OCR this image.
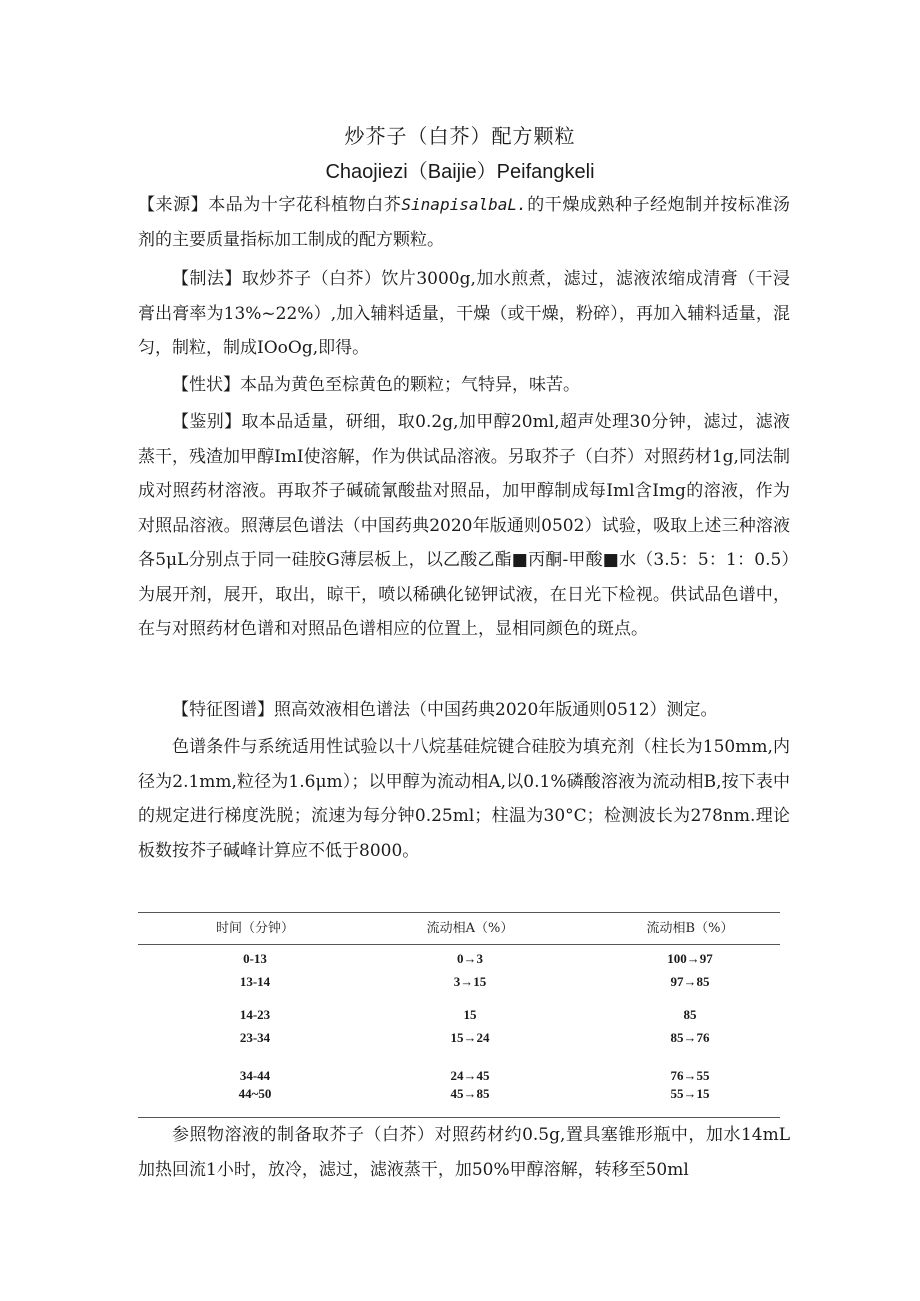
炒芥子（白芥）配方颗粒
Chaojiezi（Baijie）Peifangkeli

【来源】本品为十字花科植物白芥SinapisalbaL.的干燥成熟种子经炮制并按标准汤剂的主要质量指标加工制成的配方颗粒。

【制法】取炒芥子（白芥）饮片3000g,加水煎煮，滤过，滤液浓缩成清膏（干浸膏出膏率为13%~22%）,加入辅料适量，干燥（或干燥，粉碎），再加入辅料适量，混匀，制粒，制成IOoOg,即得。

【性状】本品为黄色至棕黄色的颗粒；气特异，味苦。

【鉴别】取本品适量，研细，取0.2g,加甲醇20ml,超声处理30分钟，滤过，滤液蒸干，残渣加甲醇ImI使溶解，作为供试品溶液。另取芥子（白芥）对照药材1g,同法制成对照药材溶液。再取芥子碱硫氰酸盐对照品，加甲醇制成每Iml含Img的溶液，作为对照品溶液。照薄层色谱法（中国药典2020年版通则0502）试验，吸取上述三种溶液各5μL分别点于同一硅胶G薄层板上，以乙酸乙酯■丙酮-甲酸■水（3.5：5：1：0.5）为展开剂，展开，取出，晾干，喷以稀碘化铋钾试液，在日光下检视。供试品色谱中，在与对照药材色谱和对照品色谱相应的位置上，显相同颜色的斑点。

【特征图谱】照高效液相色谱法（中国药典2020年版通则0512）测定。

色谱条件与系统适用性试验以十八烷基硅烷键合硅胶为填充剂（柱长为150mm,内径为2.1mm,粒径为1.6μm）；以甲醇为流动相A,以0.1%磷酸溶液为流动相B,按下表中的规定进行梯度洗脱；流速为每分钟0.25ml；柱温为30°C；检测波长为278nm.理论板数按芥子碱峰计算应不低于8000。

时间（分钟）	流动相A（%）	流动相B（%）
0-13	0→3	100→97
13-14	3→15	97→85
14-23	15	85
23-34	15→24	85→76
34-44	24→45	76→55
44~50	45→85	55→15

参照物溶液的制备取芥子（白芥）对照药材约0.5g,置具塞锥形瓶中，加水14mL加热回流1小时，放冷，滤过，滤液蒸干，加50%甲醇溶解，转移至50ml
